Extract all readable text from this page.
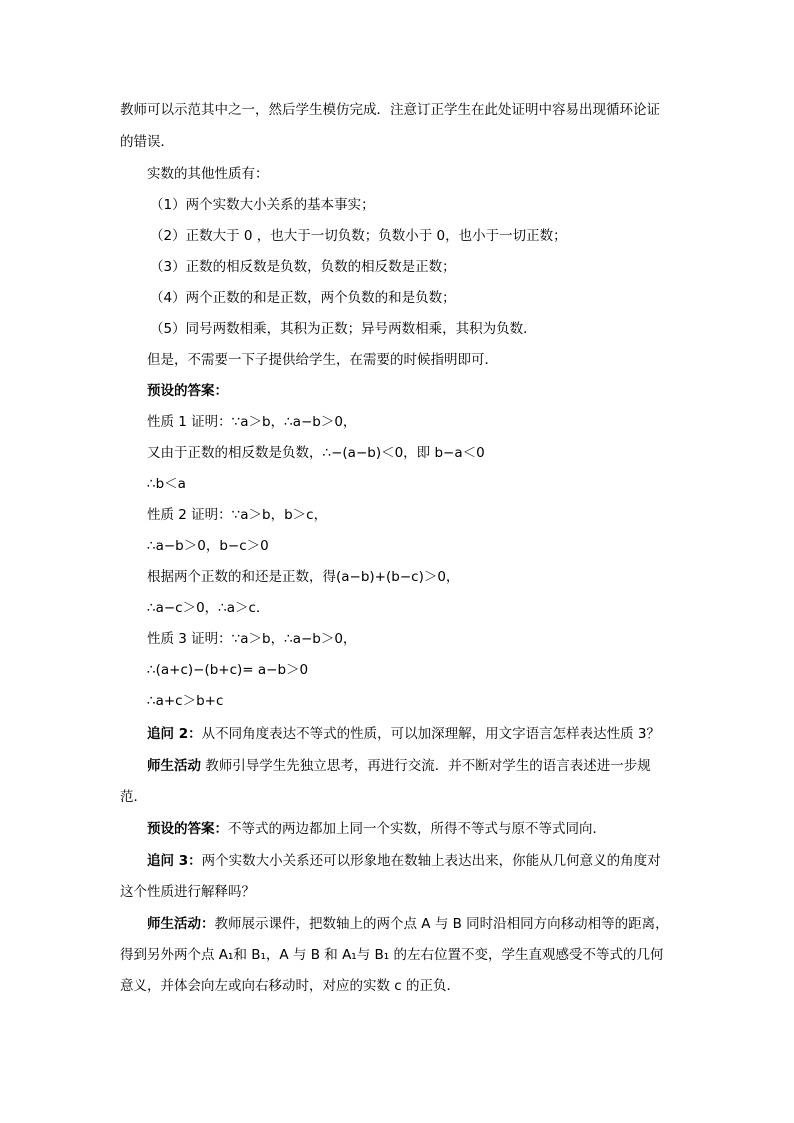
教师可以示范其中之一，然后学生模仿完成．注意订正学生在此处证明中容易出现循环论证
的错误．
实数的其他性质有：
（1）两个实数大小关系的基本事实；
（2）正数大于 0 ，也大于一切负数；负数小于 0，也小于一切正数；
（3）正数的相反数是负数，负数的相反数是正数；
（4）两个正数的和是正数，两个负数的和是负数；
（5）同号两数相乘，其积为正数；异号两数相乘，其积为负数．
但是，不需要一下子提供给学生，在需要的时候指明即可．
预设的答案：
性质 1 证明：∵a＞b，∴a−b＞0，
又由于正数的相反数是负数，∴−(a−b)＜0，即 b−a＜0
∴b＜a
性质 2 证明：∵a＞b，b＞c，
∴a−b＞0，b−c＞0
根据两个正数的和还是正数，得(a−b)+(b−c)＞0，
∴a−c＞0，∴a＞c．
性质 3 证明：∵a＞b，∴a−b＞0，
∴(a+c)−(b+c)= a−b＞0
∴a+c＞b+c
追问 2：从不同角度表达不等式的性质，可以加深理解，用文字语言怎样表达性质 3？
师生活动 教师引导学生先独立思考，再进行交流．并不断对学生的语言表述进一步规
范．
预设的答案：不等式的两边都加上同一个实数，所得不等式与原不等式同向．
追问 3：两个实数大小关系还可以形象地在数轴上表达出来，你能从几何意义的角度对
这个性质进行解释吗？
师生活动：教师展示课件，把数轴上的两个点 A 与 B 同时沿相同方向移动相等的距离，
得到另外两个点 A₁和 B₁，A 与 B 和 A₁与 B₁ 的左右位置不变，学生直观感受不等式的几何
意义，并体会向左或向右移动时，对应的实数 c 的正负．
